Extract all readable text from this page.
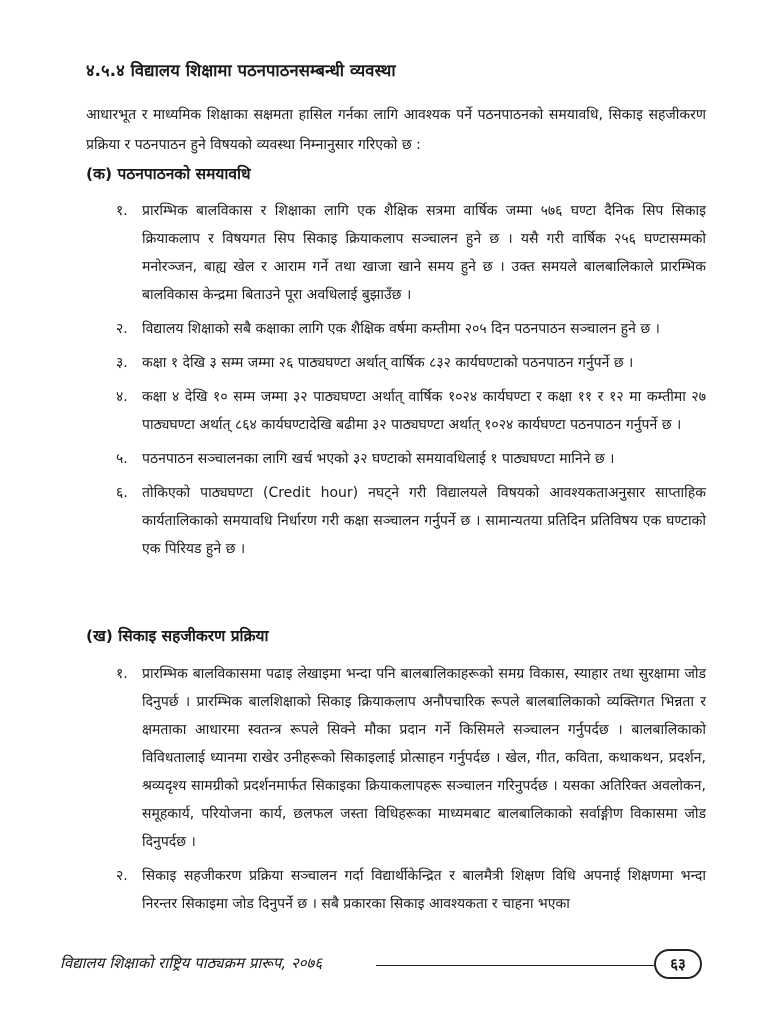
४.५.४ विद्यालय शिक्षामा पठनपाठनसम्बन्धी व्यवस्था

आधारभूत र माध्यमिक शिक्षाका सक्षमता हासिल गर्नका लागि आवश्यक पर्ने पठनपाठनको समयावधि, सिकाइ सहजीकरण प्रक्रिया र पठनपाठन हुने विषयको व्यवस्था निम्नानुसार गरिएको छ :

(क) पठनपाठनको समयावधि
१. प्रारम्भिक बालविकास र शिक्षाका लागि एक शैक्षिक सत्रमा वार्षिक जम्मा ५७६ घण्टा दैनिक सिप सिकाइ क्रियाकलाप र विषयगत सिप सिकाइ क्रियाकलाप सञ्चालन हुने छ । यसै गरी वार्षिक २५६ घण्टासम्मको मनोरञ्जन, बाह्य खेल र आराम गर्ने तथा खाजा खाने समय हुने छ । उक्त समयले बालबालिकाले प्रारम्भिक बालविकास केन्द्रमा बिताउने पूरा अवधिलाई बुझाउँछ ।
२. विद्यालय शिक्षाको सबै कक्षाका लागि एक शैक्षिक वर्षमा कम्तीमा २०५ दिन पठनपाठन सञ्चालन हुने छ ।
३. कक्षा १ देखि ३ सम्म जम्मा २६ पाठ्यघण्टा अर्थात् वार्षिक ८३२ कार्यघण्टाको पठनपाठन गर्नुपर्ने छ ।
४. कक्षा ४ देखि १० सम्म जम्मा ३२ पाठ्यघण्टा अर्थात् वार्षिक १०२४ कार्यघण्टा र कक्षा ११ र १२ मा कम्तीमा २७ पाठ्यघण्टा अर्थात् ८६४ कार्यघण्टादेखि बढीमा ३२ पाठ्यघण्टा अर्थात् १०२४ कार्यघण्टा पठनपाठन गर्नुपर्ने छ ।
५. पठनपाठन सञ्चालनका लागि खर्च भएको ३२ घण्टाको समयावधिलाई १ पाठ्यघण्टा मानिने छ ।
६. तोकिएको पाठ्यघण्टा (Credit hour) नघट्ने गरी विद्यालयले विषयको आवश्यकताअनुसार साप्ताहिक कार्यतालिकाको समयावधि निर्धारण गरी कक्षा सञ्चालन गर्नुपर्ने छ । सामान्यतया प्रतिदिन प्रतिविषय एक घण्टाको एक पिरियड हुने छ ।
(ख) सिकाइ सहजीकरण प्रक्रिया
१. प्रारम्भिक बालविकासमा पढाइ लेखाइमा भन्दा पनि बालबालिकाहरूको समग्र विकास, स्याहार तथा सुरक्षामा जोड दिनुपर्छ । प्रारम्भिक बालशिक्षाको सिकाइ क्रियाकलाप अनौपचारिक रूपले बालबालिकाको व्यक्तिगत भिन्नता र क्षमताका आधारमा स्वतन्त्र रूपले सिक्ने मौका प्रदान गर्ने किसिमले सञ्चालन गर्नुपर्दछ । बालबालिकाको विविधतालाई ध्यानमा राखेर उनीहरूको सिकाइलाई प्रोत्साहन गर्नुपर्दछ । खेल, गीत, कविता, कथाकथन, प्रदर्शन, श्रव्यदृश्य सामग्रीको प्रदर्शनमार्फत सिकाइका क्रियाकलापहरू सञ्चालन गरिनुपर्दछ । यसका अतिरिक्त अवलोकन, समूहकार्य, परियोजना कार्य, छलफल जस्ता विधिहरूका माध्यमबाट बालबालिकाको सर्वाङ्गीण विकासमा जोड दिनुपर्दछ ।
२. सिकाइ सहजीकरण प्रक्रिया सञ्चालन गर्दा विद्यार्थीकेन्द्रित र बालमैत्री शिक्षण विधि अपनाई शिक्षणमा भन्दा निरन्तर सिकाइमा जोड दिनुपर्ने छ । सबै प्रकारका सिकाइ आवश्यकता र चाहना भएका
विद्यालय शिक्षाको राष्ट्रिय पाठ्यक्रम प्रारूप, २०७६	६३
